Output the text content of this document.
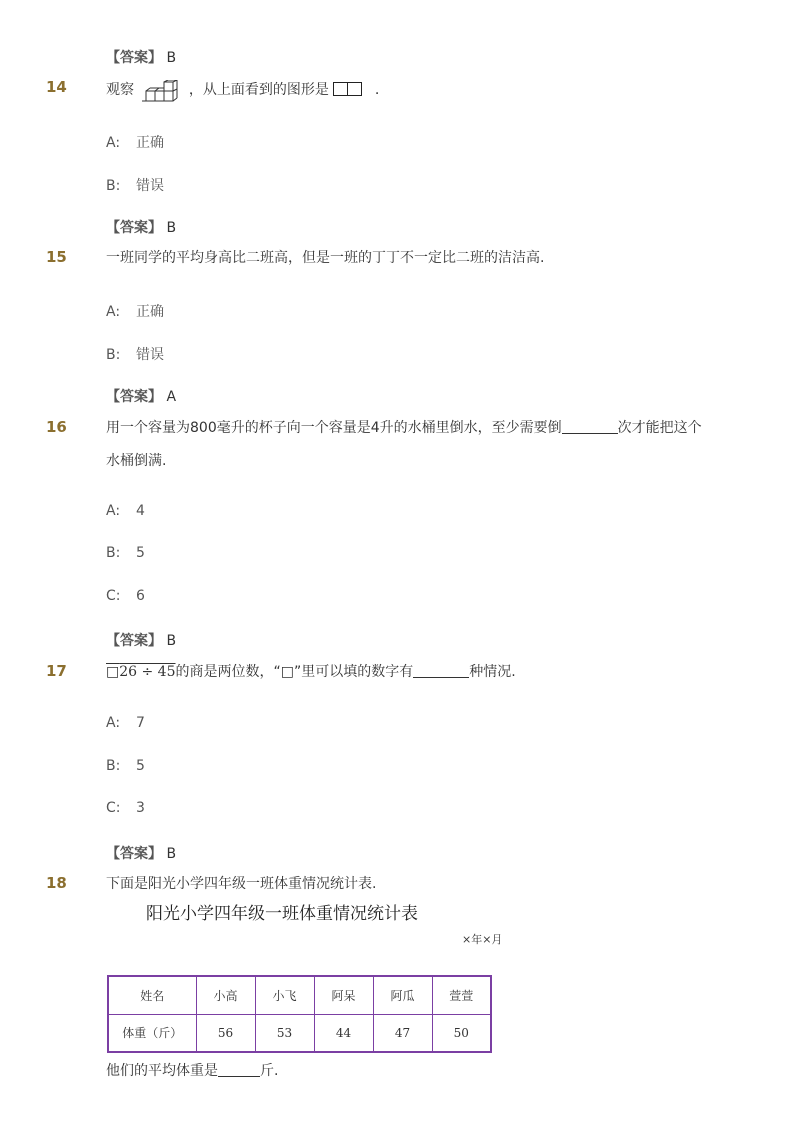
【答案】 B
14	观察	，从上面看到的图形是	.
A: 正确
B: 错误
【答案】 B
15	一班同学的平均身高比二班高，但是一班的丁丁不一定比二班的洁洁高.
A: 正确
B: 错误
【答案】 A
16	用一个容量为800毫升的杯子向一个容量是4升的水桶里倒水，至少需要倒	次才能把这个
水桶倒满.
A: 4
B: 5
C: 6
【答案】 B
17	□26 ÷ 45的商是两位数，“□”里可以填的数字有	种情况.
A: 7
B: 5
C: 3
【答案】 B
18	下面是阳光小学四年级一班体重情况统计表.
阳光小学四年级一班体重情况统计表
×年×月
姓名	小高	小飞	阿呆	阿瓜	萱萱
体重（斤）	56	53	44	47	50
他们的平均体重是	斤.
